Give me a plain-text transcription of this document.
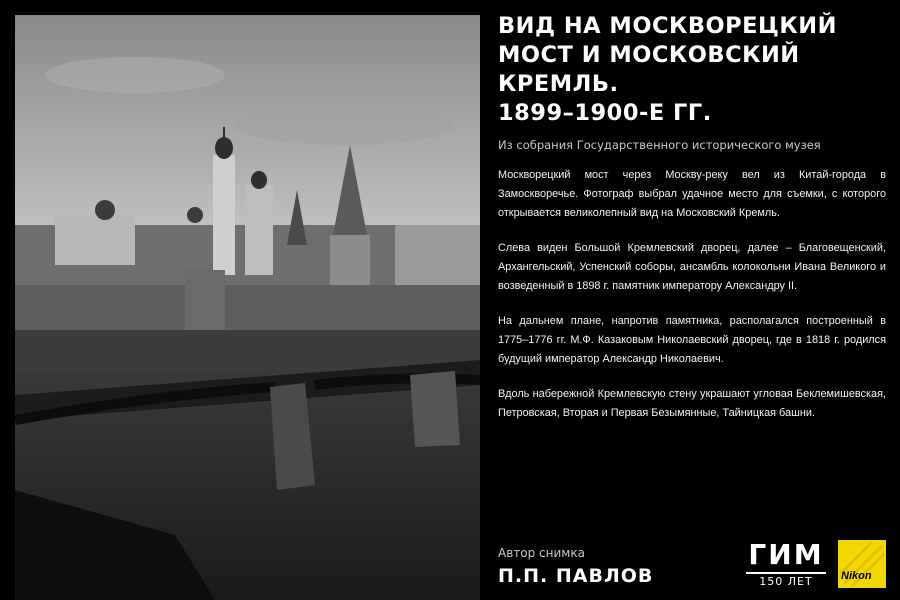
ВИД НА МОСКВОРЕЦКИЙ
МОСТ И МОСКОВСКИЙ
КРЕМЛЬ.
1899–1900-Е ГГ.
Из собрания Государственного исторического музея

Москворецкий мост через Москву-реку вел из Китай-города в Замоскворечье. Фотограф выбрал удачное место для съемки, с которого открывается великолепный вид на Московский Кремль.

Слева виден Большой Кремлевский дворец, далее – Благовещенский, Архангельский, Успенский соборы, ансамбль колокольни Ивана Великого и возведенный в 1898 г. памятник императору Александру II.

На дальнем плане, напротив памятника, располагался построенный в 1775–1776 гг. М.Ф. Казаковым Николаевский дворец, где в 1818 г. родился будущий император Александр Николаевич.

Вдоль набережной Кремлевскую стену украшают угловая Беклемишевская, Петровская, Вторая и Первая Безымянные, Тайницкая башни.

Автор снимка
П.П. ПАВЛОВ
ГИМ
150 ЛЕТ	Nikon
